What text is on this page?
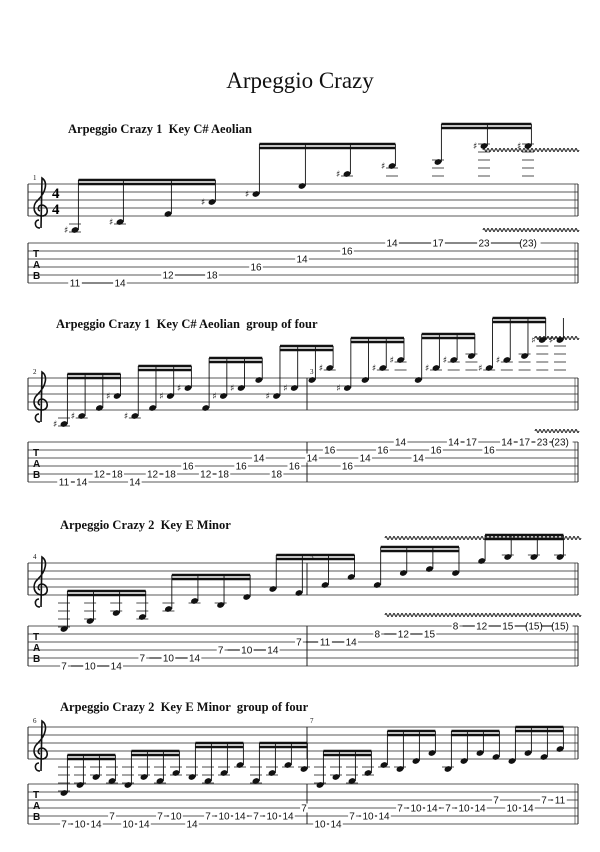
Arpeggio Crazy
Arpeggio Crazy 1  Key C# Aeolian
Arpeggio Crazy 1  Key C# Aeolian  group of four
Arpeggio Crazy 2  Key E Minor
Arpeggio Crazy 2  Key E Minor  group of four
T
A
B
4
4
1
♯
11
♯
14
12
♯
18
♯
16
14
♯
16
♯
14	17
♯
23
♯
(23)
T
A
B
2	3
♯
11
♯
14
12
♯
18
♯
14
12
♯
18
♯
16
12
♯
18
♯
16
14
♯
18
♯
16
14
♯
16
♯
16
14
♯
16
♯
14
14
♯
16
♯
14 17
♯
16
♯
14 17
♯
23
♯
(23)
T
A
B
4	5
7 10 14
7 10 14
7 10 14
7 11 14
8 12 15
8 12 15 (15) (15)
T
A
B
6	7
7 10 14
7
10 14
7 10
14
7 10 14 7 10 14
7
10 14
7 10 14
7 10 14 7 10 14
7
10 14
7 11
